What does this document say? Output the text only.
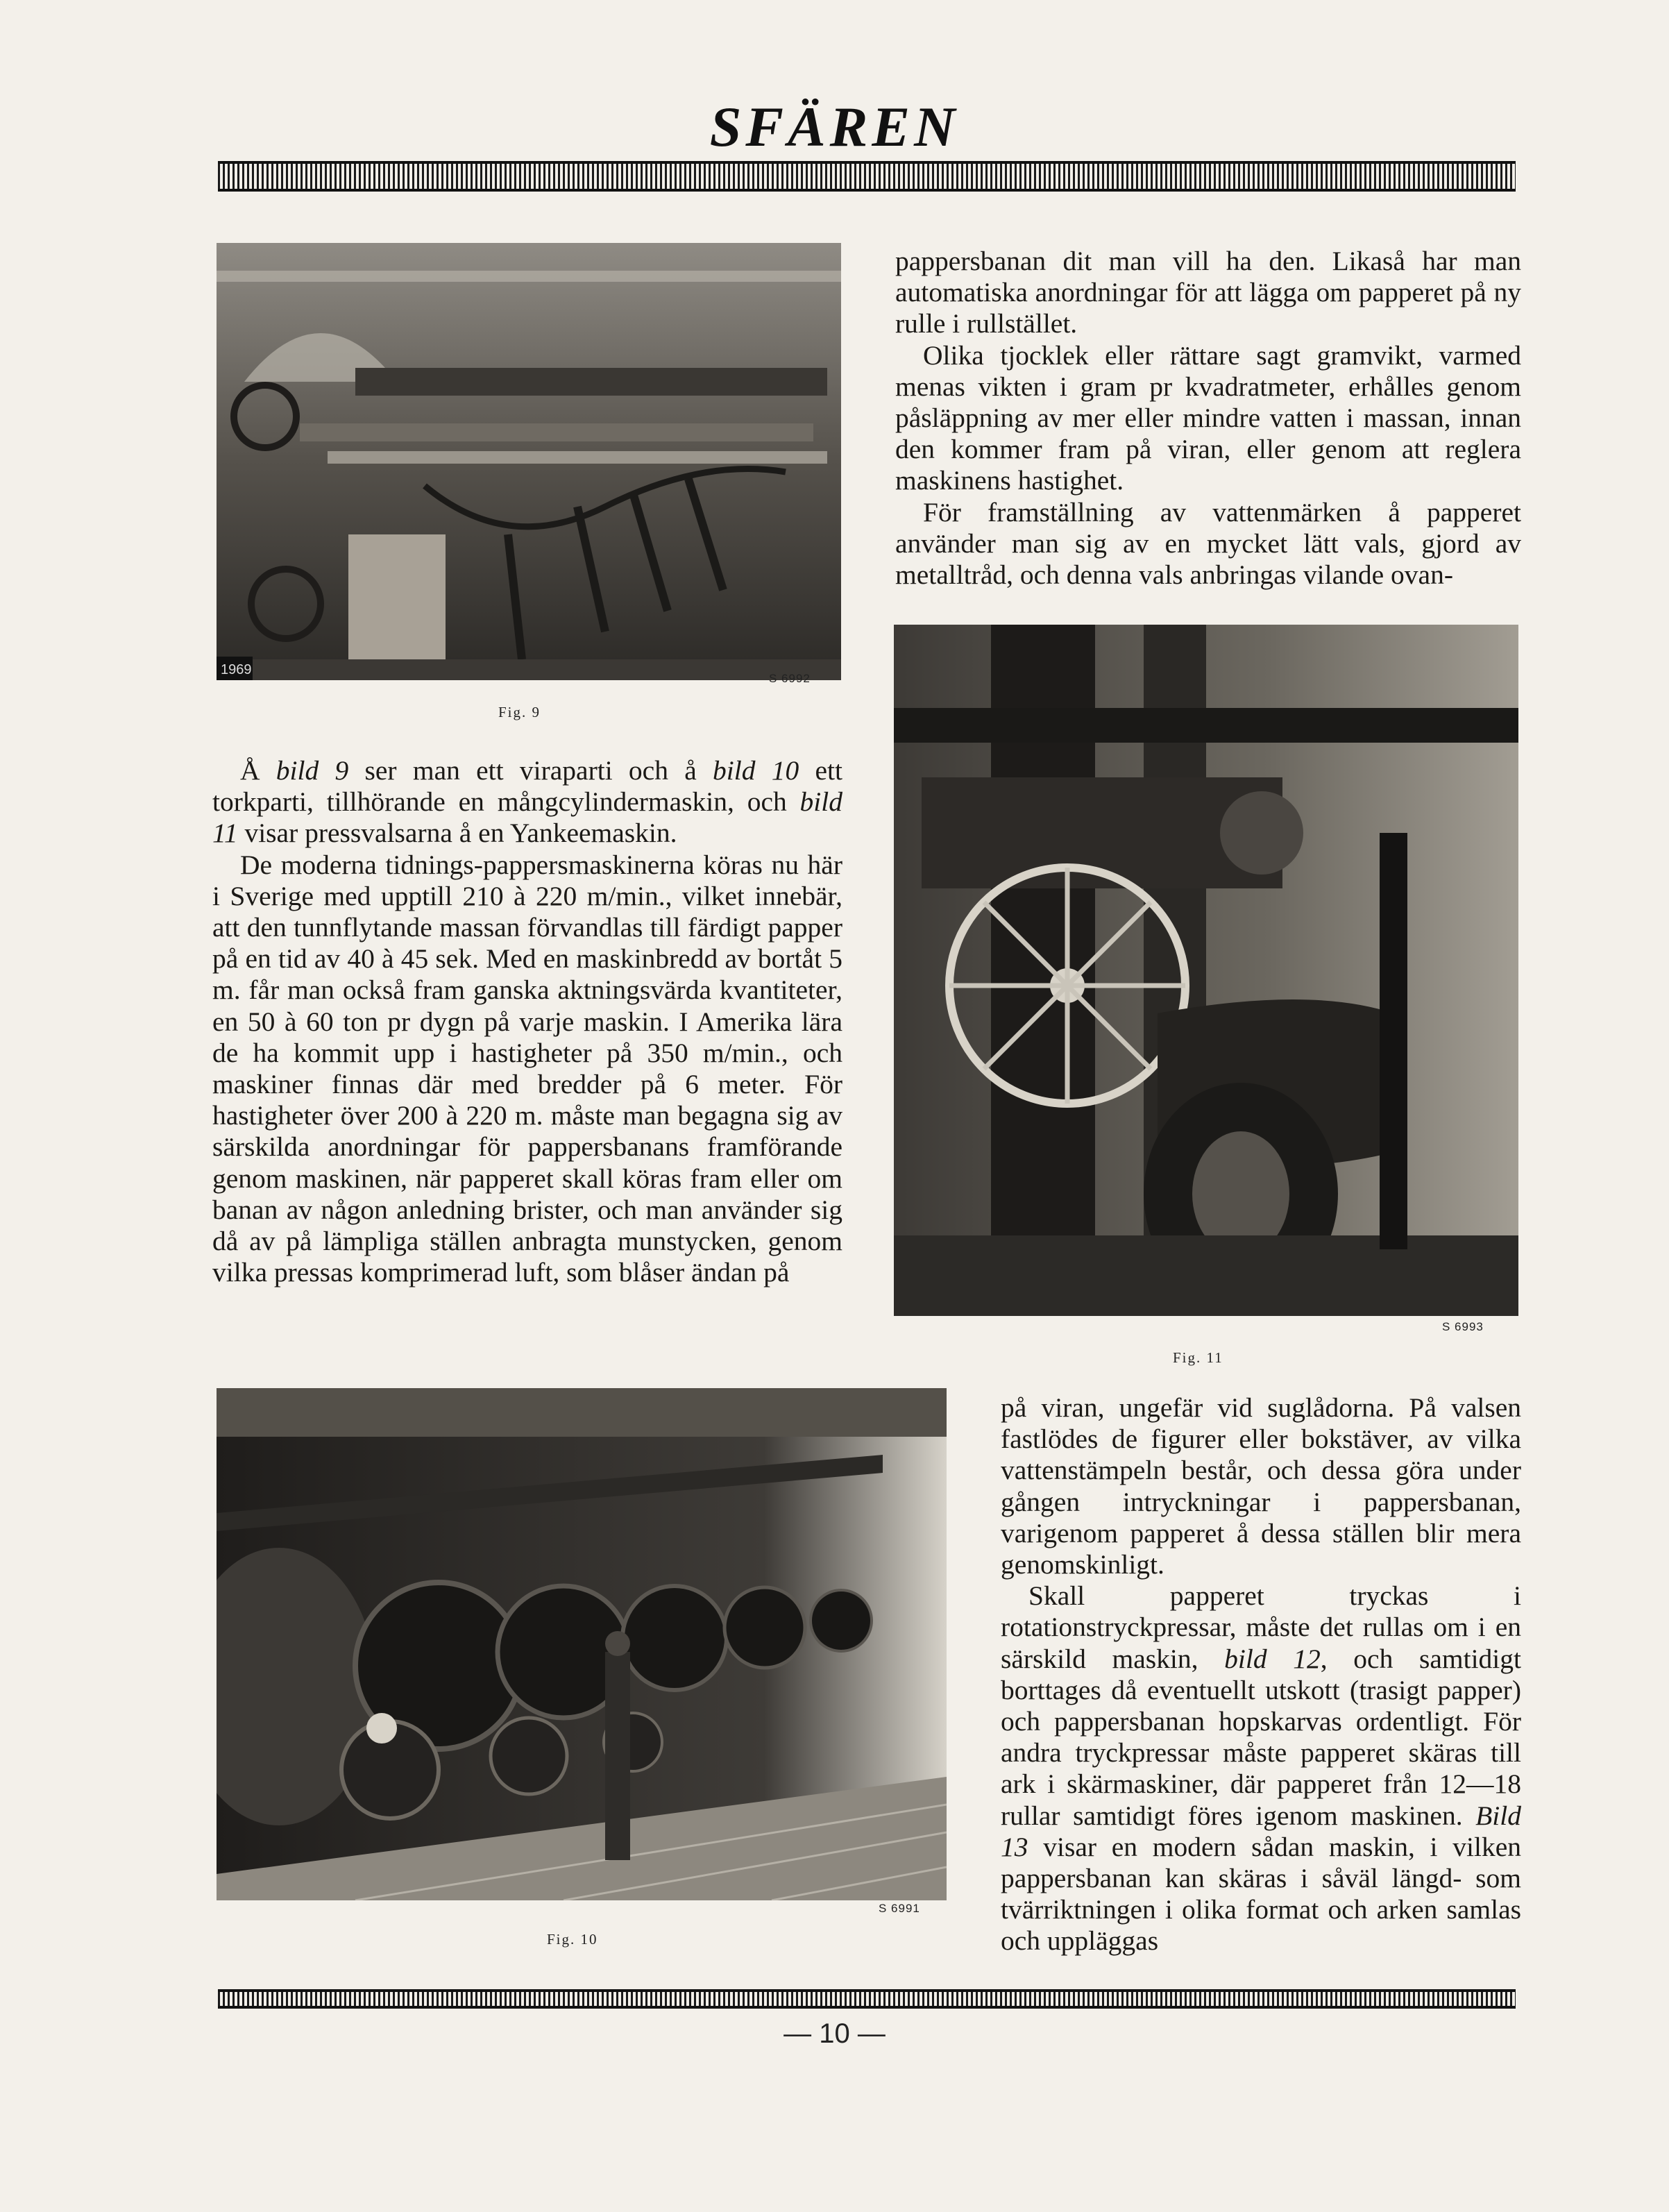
SFÄREN
1969
S 6992
Fig. 9

pappersbanan dit man vill ha den. Likaså har man automatiska anordningar för att lägga om papperet på ny rulle i rullstället.

Olika tjocklek eller rättare sagt gramvikt, varmed menas vikten i gram pr kvadratmeter, erhålles genom påsläppning av mer eller mindre vatten i massan, innan den kommer fram på viran, eller genom att reglera maskinens hastighet.

För framställning av vattenmärken å papperet använder man sig av en mycket lätt vals, gjord av metalltråd, och denna vals anbringas vilande ovan-

S 6993
Fig. 11

Å bild 9 ser man ett viraparti och å bild 10 ett torkparti, tillhörande en mångcylindermaskin, och bild 11 visar pressvalsarna å en Yankeemaskin.

De moderna tidnings-pappersmaskinerna köras nu här i Sverige med upptill 210 à 220 m/min., vilket innebär, att den tunnflytande massan förvandlas till färdigt papper på en tid av 40 à 45 sek. Med en maskinbredd av bortåt 5 m. får man också fram ganska aktningsvärda kvantiteter, en 50 à 60 ton pr dygn på varje maskin. I Amerika lära de ha kommit upp i hastigheter på 350 m/min., och maskiner finnas där med bredder på 6 meter. För hastigheter över 200 à 220 m. måste man begagna sig av särskilda anordningar för pappersbanans framförande genom maskinen, när papperet skall köras fram eller om banan av någon anledning brister, och man använder sig då av på lämpliga ställen anbragta munstycken, genom vilka pressas komprimerad luft, som blåser ändan på

S 6991
Fig. 10

på viran, ungefär vid suglådorna. På valsen fastlödes de figurer eller bokstäver, av vilka vattenstämpeln består, och dessa göra under gången intryckningar i pappersbanan, varigenom papperet å dessa ställen blir mera genomskinligt.

Skall papperet tryckas i rotationstryckpressar, måste det rullas om i en särskild maskin, bild 12, och samtidigt borttages då eventuellt utskott (trasigt papper) och pappersbanan hopskarvas ordentligt. För andra tryckpressar måste papperet skäras till ark i skärmaskiner, där papperet från 12—18 rullar samtidigt föres igenom maskinen. Bild 13 visar en modern sådan maskin, i vilken pappersbanan kan skäras i såväl längd- som tvärriktningen i olika format och arken samlas och uppläggas

— 10 —
